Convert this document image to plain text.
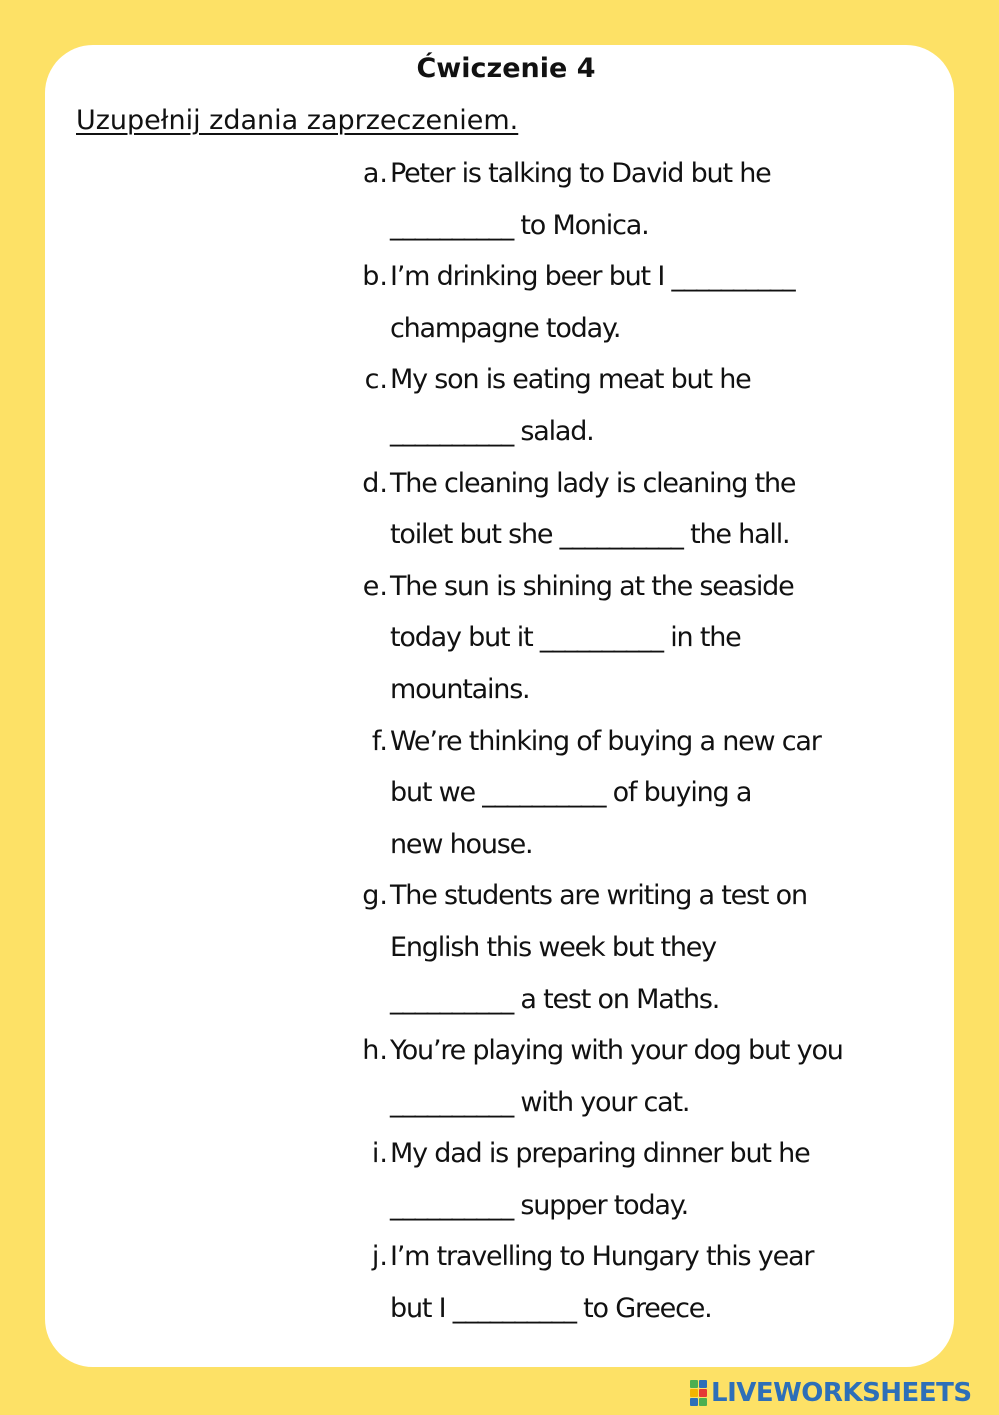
Ćwiczenie 4

Uzupełnij zdania zaprzeczeniem.

a. Peter is talking to David but he
__________ to Monica.
b. I’m drinking beer but I __________
champagne today.
c. My son is eating meat but he
__________ salad.
d. The cleaning lady is cleaning the
toilet but she __________ the hall.
e. The sun is shining at the seaside
today but it __________ in the
mountains.
f. We’re thinking of buying a new car
but we __________ of buying a
new house.
g. The students are writing a test on
English this week but they
__________ a test on Maths.
h. You’re playing with your dog but you
__________ with your cat.
i. My dad is preparing dinner but he
__________ supper today.
j. I’m travelling to Hungary this year
but I __________ to Greece.
LIVEWORKSHEETS
